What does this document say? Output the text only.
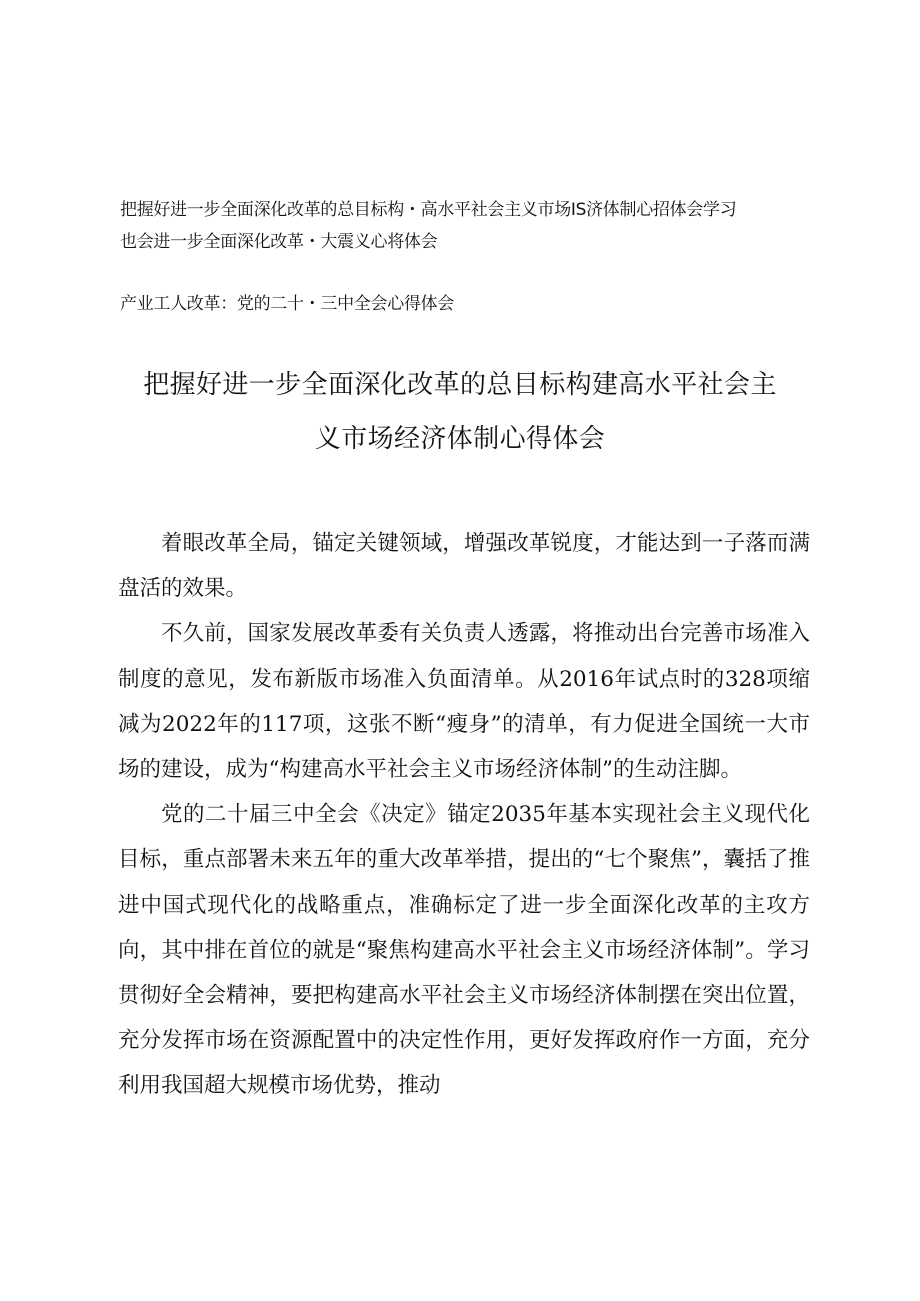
把握好进一步全面深化改革的总目标构・高水平社会主义市场IS济体制心招体会学习
也会进一步全面深化改革・大震义心将体会
产业工人改革：党的二十・三中全会心得体会
把握好进一步全面深化改革的总目标构建高水平社会主
义市场经济体制心得体会

着眼改革全局，锚定关键领域，增强改革锐度，才能达到一子落而满盘活的效果。

不久前，国家发展改革委有关负责人透露，将推动出台完善市场准入制度的意见，发布新版市场准入负面清单。从2016年试点时的328项缩减为2022年的117项，这张不断“瘦身”的清单，有力促进全国统一大市场的建设，成为“构建高水平社会主义市场经济体制”的生动注脚。

党的二十届三中全会《决定》锚定2035年基本实现社会主义现代化目标，重点部署未来五年的重大改革举措，提出的“七个聚焦”，囊括了推进中国式现代化的战略重点，准确标定了进一步全面深化改革的主攻方向，其中排在首位的就是“聚焦构建高水平社会主义市场经济体制”。学习贯彻好全会精神，要把构建高水平社会主义市场经济体制摆在突出位置，充分发挥市场在资源配置中的决定性作用，更好发挥政府作一方面，充分利用我国超大规模市场优势，推动
